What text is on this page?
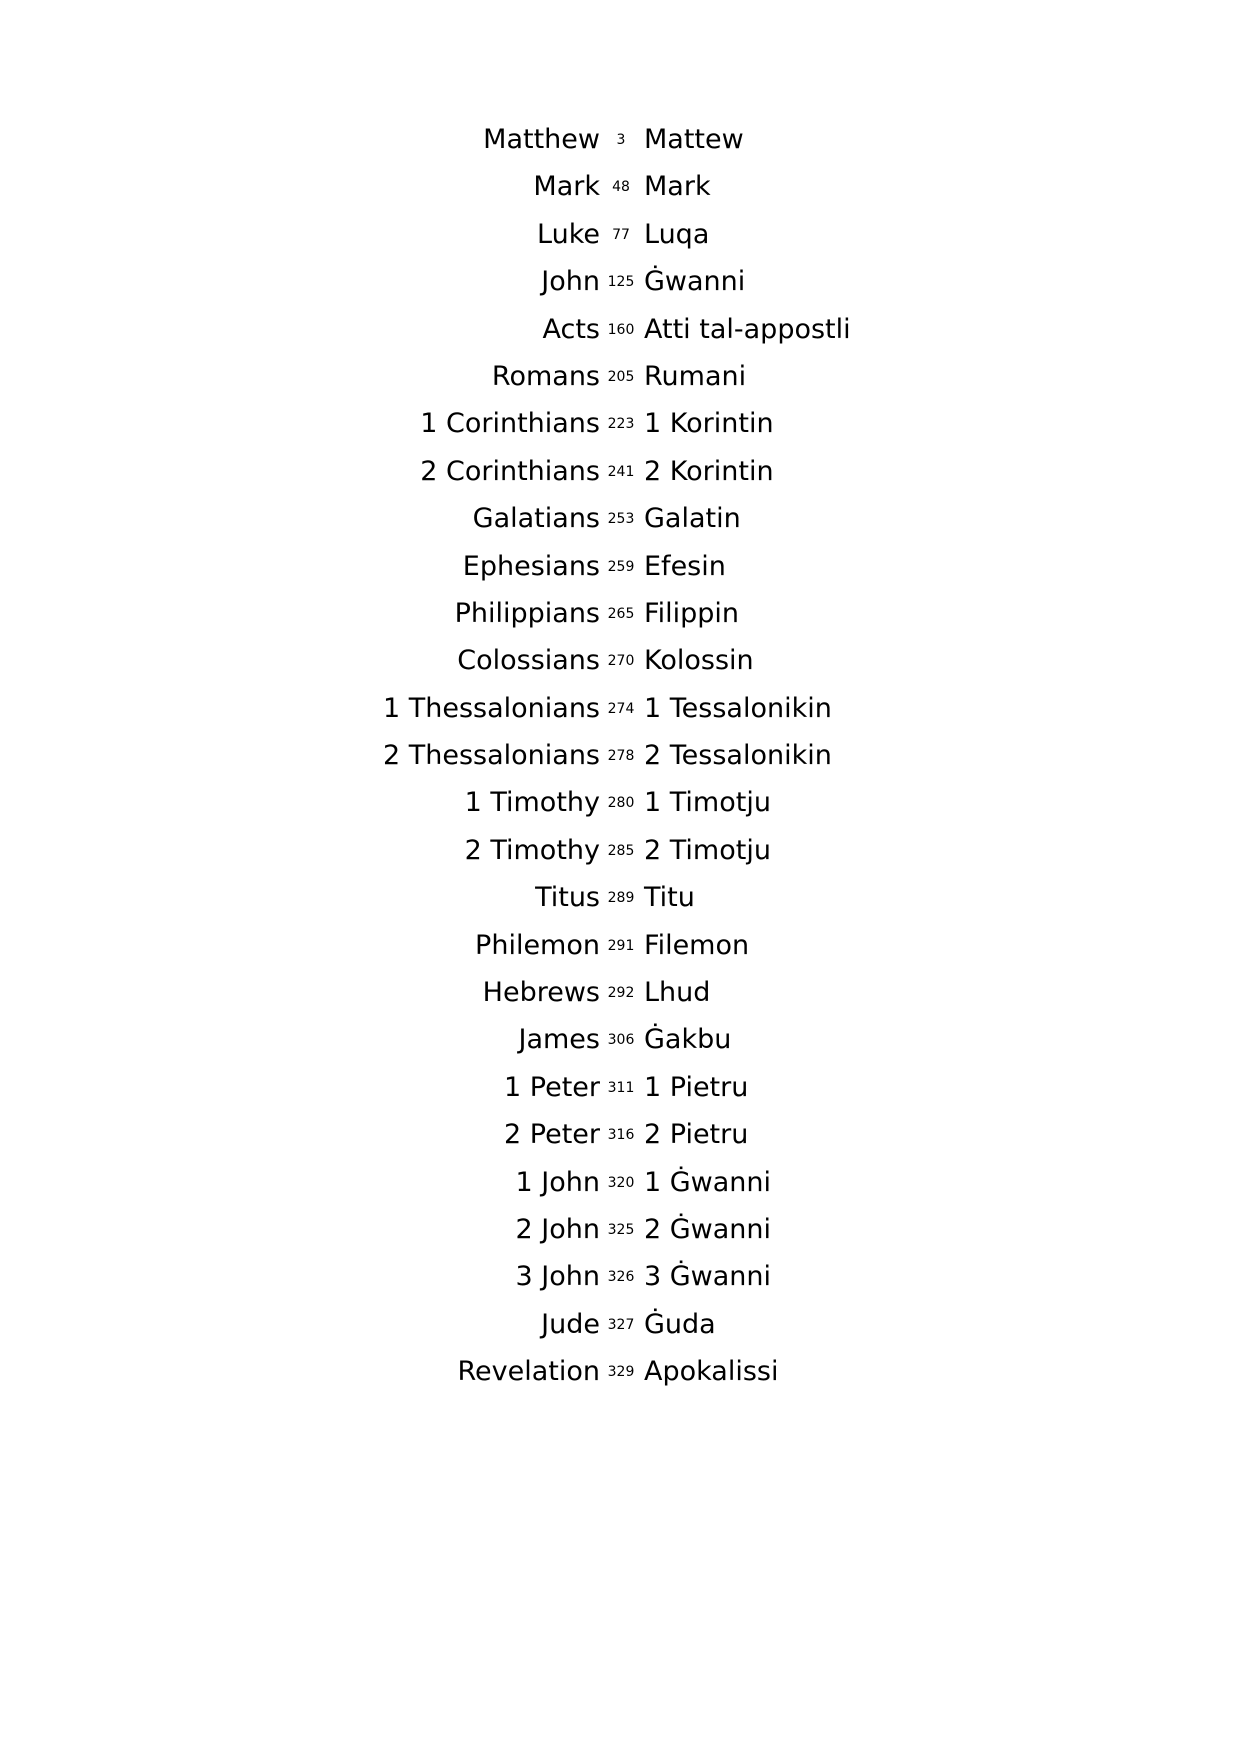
Matthew	3 Mattew
Mark 48 Mark
Luke 77 Luqa
John 125 Ġwanni
Acts 160 Atti tal-appostli
Romans 205 Rumani
1 Corinthians 223 1 Korintin
2 Corinthians 241 2 Korintin
Galatians 253 Galatin
Ephesians 259 Efesin
Philippians 265 Filippin
Colossians 270 Kolossin
1 Thessalonians 274 1 Tessalonikin
2 Thessalonians 278 2 Tessalonikin
1 Timothy 280 1 Timotju
2 Timothy 285 2 Timotju
Titus 289 Titu
Philemon 291 Filemon
Hebrews 292 Lhud
James 306 Ġakbu
1 Peter 311 1 Pietru
2 Peter 316 2 Pietru
1 John 320 1 Ġwanni
2 John 325 2 Ġwanni
3 John 326 3 Ġwanni
Jude 327 Ġuda
Revelation 329 Apokalissi
